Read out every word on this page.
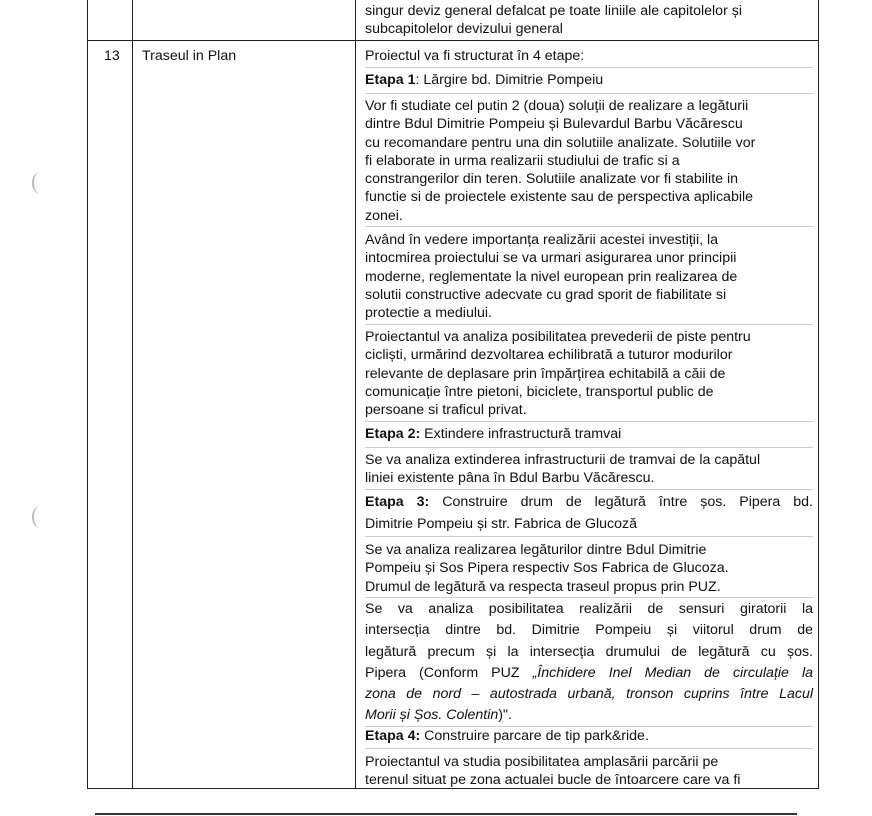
singur deviz general defalcat pe toate liniile ale capitolelor și

subcapitolelor devizului general

13 Traseul in Plan	Proiectul va fi structurat în 4 etape:

Etapa 1: Lărgire bd. Dimitrie Pompeiu

Vor fi studiate cel putin 2 (doua) soluții de realizare a legăturii

dintre Bdul Dimitrie Pompeiu și Bulevardul Barbu Văcărescu

cu recomandare pentru una din solutiile analizate. Solutiile vor

fi elaborate in urma realizarii studiului de trafic si a

constrangerilor din teren. Solutiile analizate vor fi stabilite in

functie si de proiectele existente sau de perspectiva aplicabile

zonei.

Având în vedere importanța realizării acestei investiții, la

intocmirea proiectului se va urmari asigurarea unor principii

moderne, reglementate la nivel european prin realizarea de

solutii constructive adecvate cu grad sporit de fiabilitate si

protectie a mediului.

Proiectantul va analiza posibilitatea prevederii de piste pentru

cicliști, urmărind dezvoltarea echilibrată a tuturor modurilor

relevante de deplasare prin împărțirea echitabilă a căii de

comunicație între pietoni, biciclete, transportul public de

persoane si traficul privat.

Etapa 2: Extindere infrastructură tramvai

Se va analiza extinderea infrastructurii de tramvai de la capătul

liniei existente pâna în Bdul Barbu Văcărescu.

Etapa 3: Construire drum de legătură între șos. Pipera bd.

Dimitrie Pompeiu și str. Fabrica de Glucoză

Se va analiza realizarea legăturilor dintre Bdul Dimitrie

Pompeiu și Sos Pipera respectiv Sos Fabrica de Glucoza.

Drumul de legătură va respecta traseul propus prin PUZ.

Se va analiza posibilitatea realizării de sensuri giratorii la

intersecția dintre bd. Dimitrie Pompeiu și viitorul drum de

legătură precum și la intersecția drumului de legătură cu șos.

Pipera (Conform PUZ „Închidere Inel Median de circulație la

zona de nord – autostrada urbană, tronson cuprins între Lacul

Morii și Șos. Colentin)".

Etapa 4: Construire parcare de tip park&ride.

Proiectantul va studia posibilitatea amplasării parcării pe

terenul situat pe zona actualei bucle de întoarcere care va fi
